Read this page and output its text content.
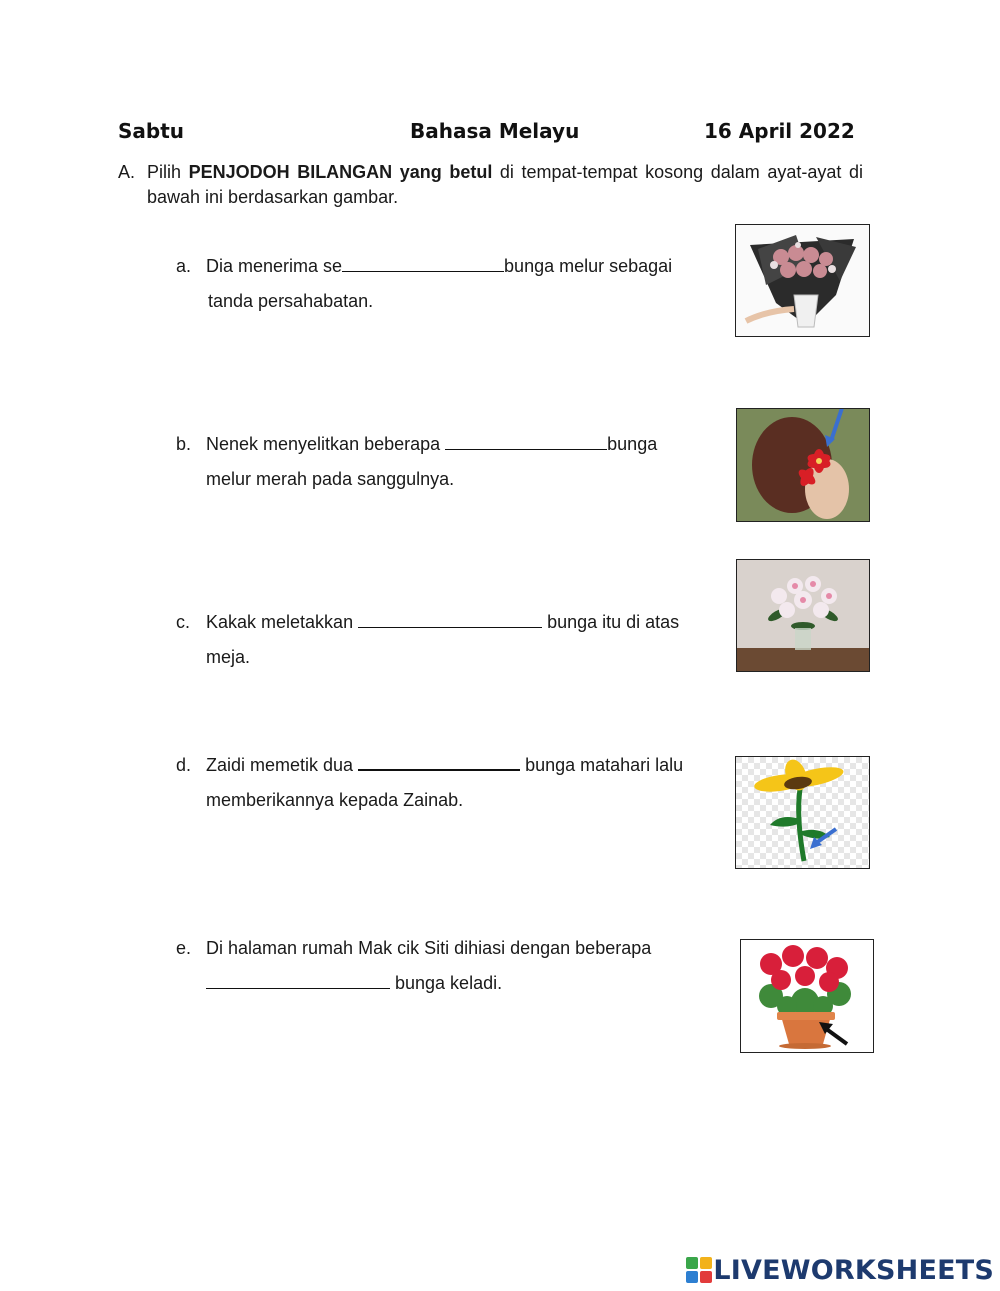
Sabtu	Bahasa Melayu	16 April 2022
A. Pilih PENJODOH BILANGAN yang betul di tempat-tempat kosong dalam ayat-ayat di bawah ini berdasarkan gambar.
a. Dia menerima se	bunga melur sebagai
tanda persahabatan.
b. Nenek menyelitkan beberapa	bunga
melur merah pada sanggulnya.
c. Kakak meletakkan	bunga itu di atas
meja.
d. Zaidi memetik dua	bunga matahari lalu
memberikannya kepada Zainab.
e. Di halaman rumah Mak cik Siti dihiasi dengan beberapa
bunga keladi.
LIVEWORKSHEETS
